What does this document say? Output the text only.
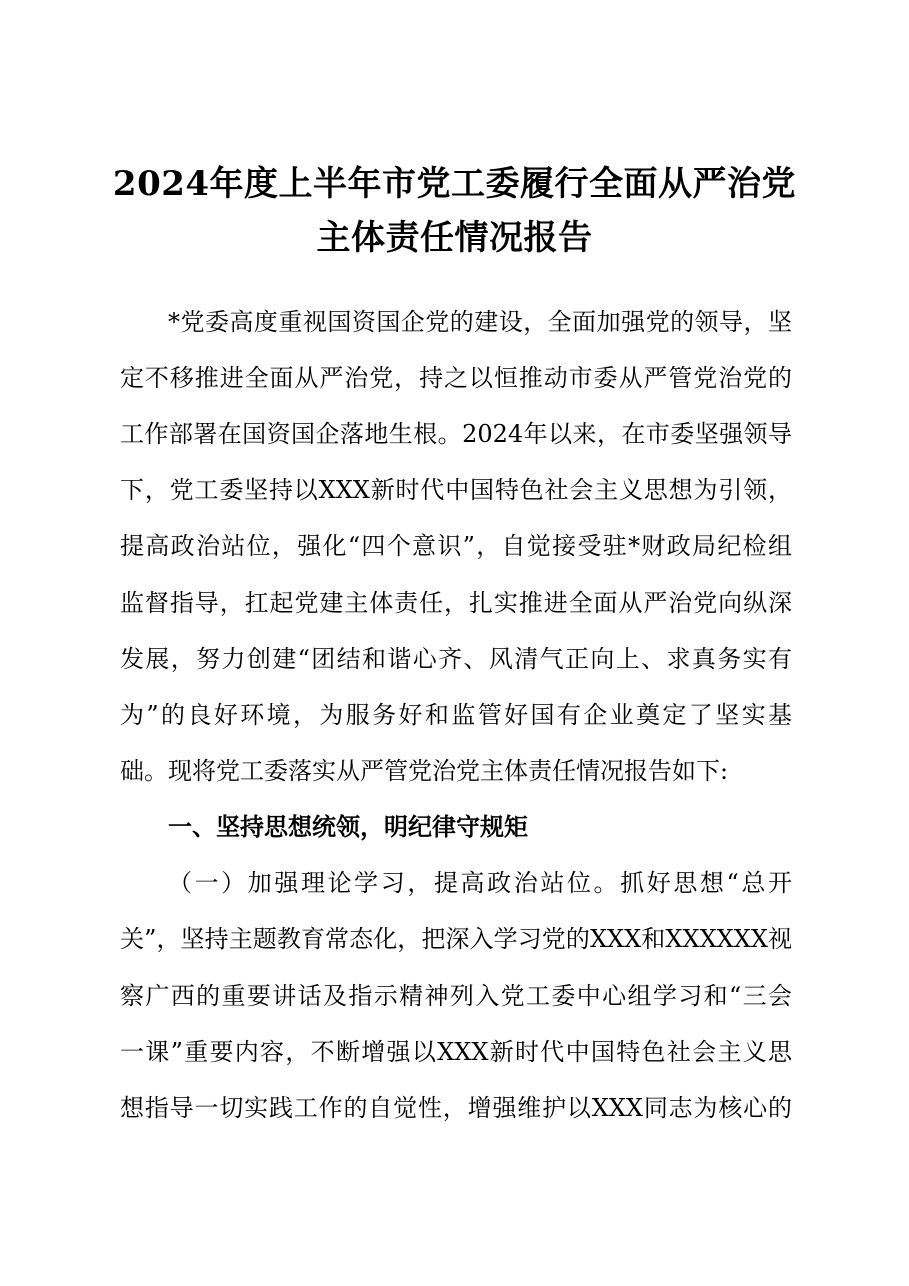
2024年度上半年市党工委履行全面从严治党
主体责任情况报告
*党委高度重视国资国企党的建设，全面加强党的领导，坚
定不移推进全面从严治党，持之以恒推动市委从严管党治党的
工作部署在国资国企落地生根。2024年以来，在市委坚强领导
下，党工委坚持以XXX新时代中国特色社会主义思想为引领，
提高政治站位，强化“四个意识”，自觉接受驻*财政局纪检组
监督指导，扛起党建主体责任，扎实推进全面从严治党向纵深
发展，努力创建“团结和谐心齐、风清气正向上、求真务实有
为”的良好环境，为服务好和监管好国有企业奠定了坚实基
础。现将党工委落实从严管党治党主体责任情况报告如下:
一、坚持思想统领，明纪律守规矩
（一）加强理论学习，提高政治站位。抓好思想“总开
关”，坚持主题教育常态化，把深入学习党的XXX和XXXXXX视
察广西的重要讲话及指示精神列入党工委中心组学习和“三会
一课”重要内容，不断增强以XXX新时代中国特色社会主义思
想指导一切实践工作的自觉性，增强维护以XXX同志为核心的
